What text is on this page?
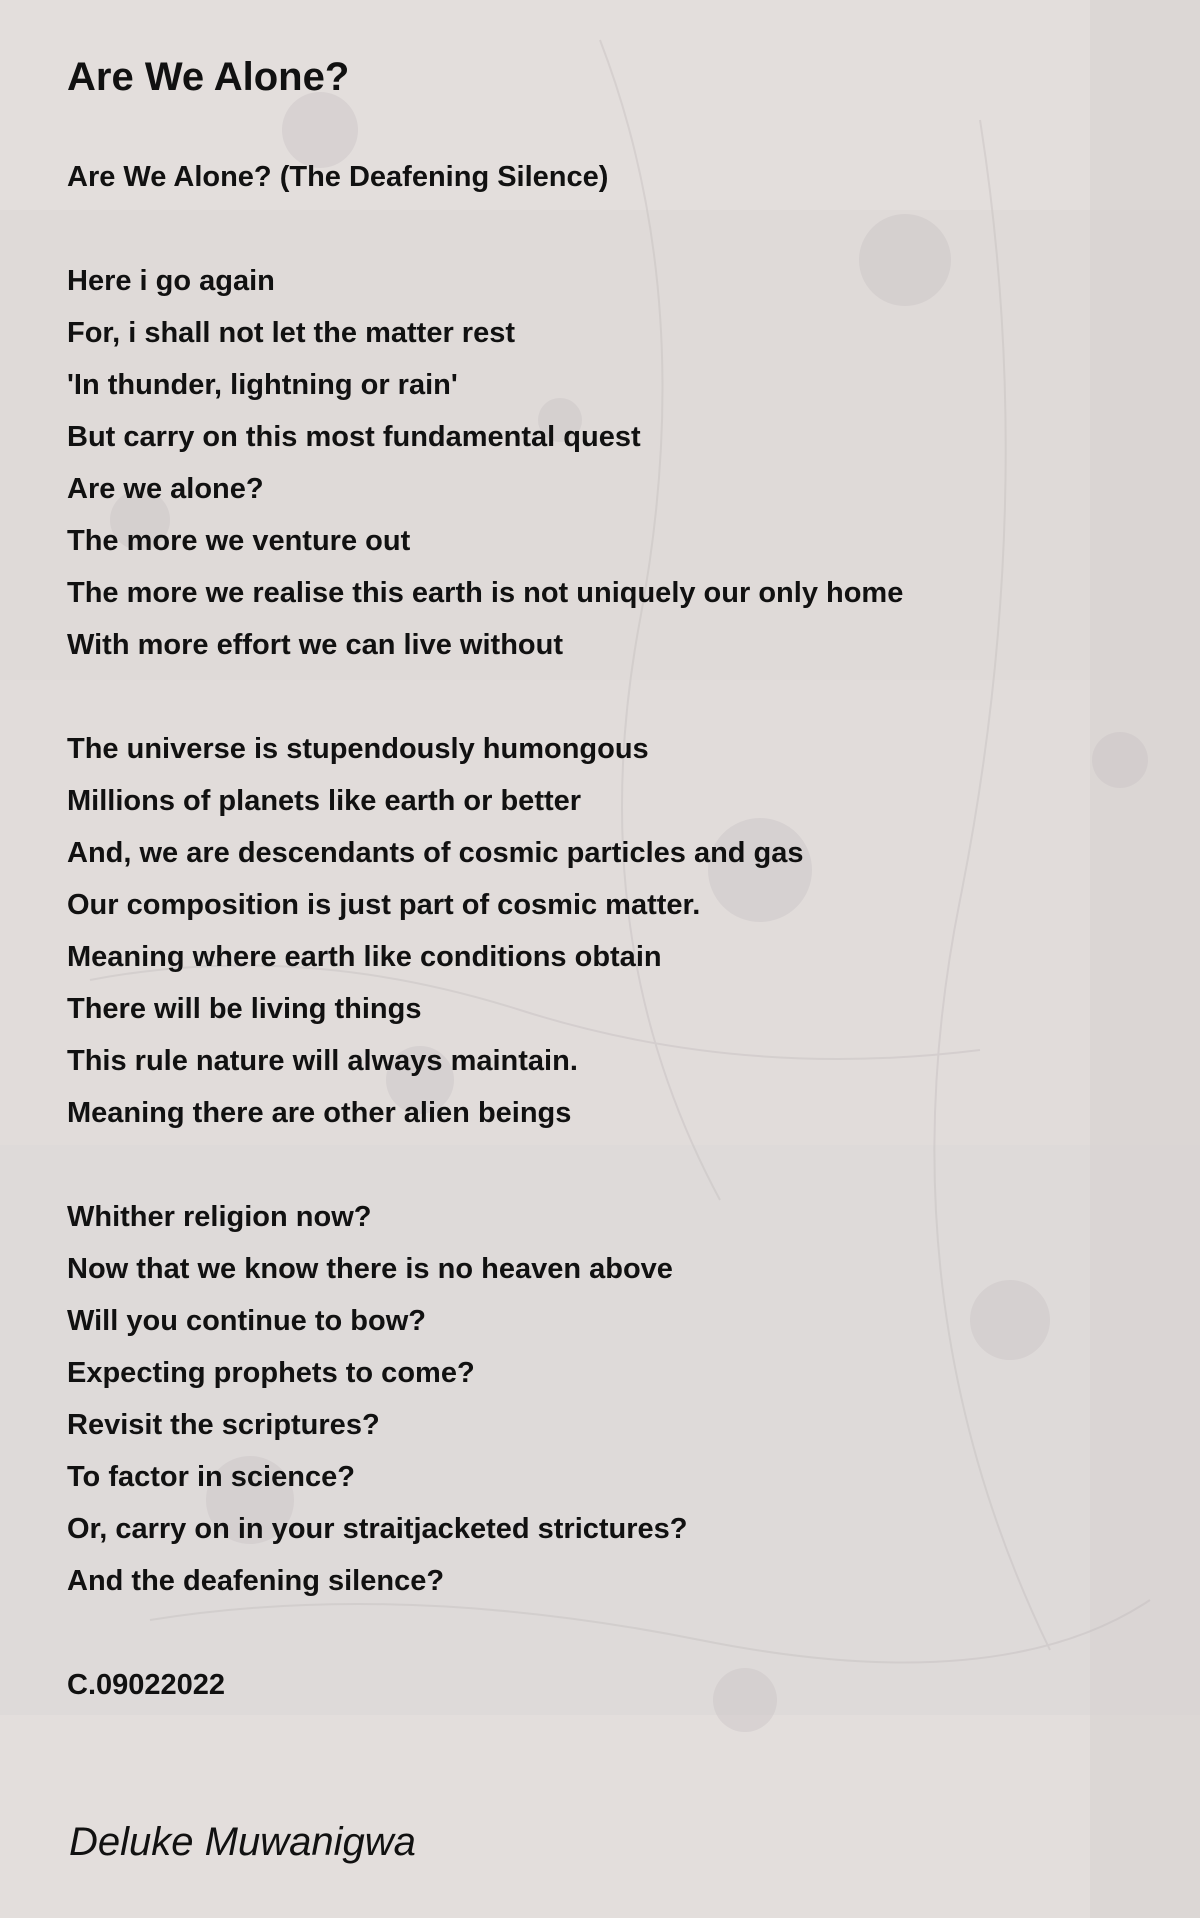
Are We Alone?
Are We Alone? (The Deafening Silence)
Here i go again
For, i shall not let the matter rest
'In thunder, lightning or rain'
But carry on this most fundamental quest
Are we alone?
The more we venture out
The more we realise this earth is not uniquely our only home
With more effort we can live without
The universe is stupendously humongous
Millions of planets like earth or better
And, we are descendants of cosmic particles and gas
Our composition is just part of cosmic matter.
Meaning where earth like conditions obtain
There will be living things
This rule nature will always maintain.
Meaning there are other alien beings
Whither religion now?
Now that we know there is no heaven above
Will you continue to bow?
Expecting prophets to come?
Revisit the scriptures?
To factor in science?
Or, carry on in your straitjacketed strictures?
And the deafening silence?
C.09022022
Deluke Muwanigwa
